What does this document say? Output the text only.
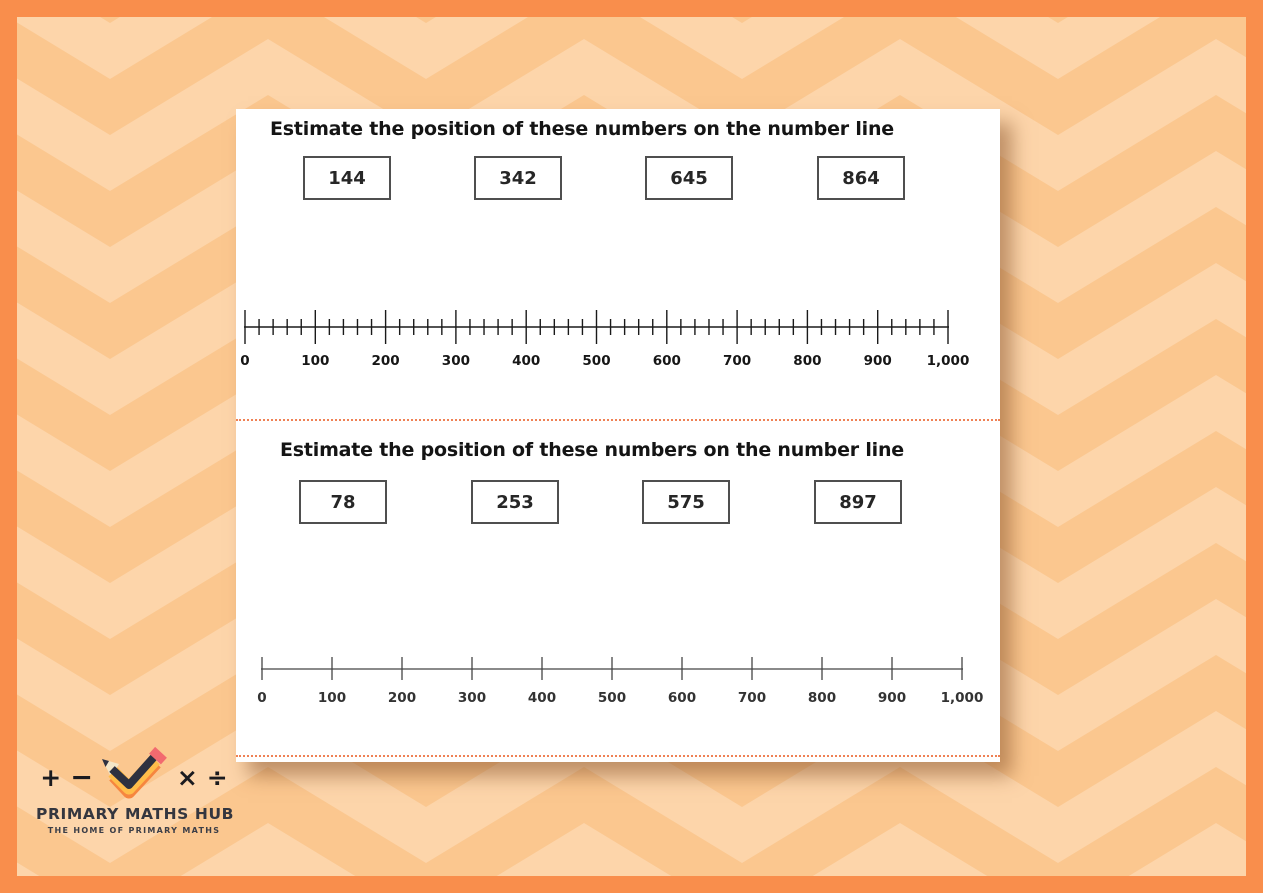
Estimate the position of these numbers on the number line
144	342	645	864
0	100	200	300	400	500	600	700	800	900	1,000
Estimate the position of these numbers on the number line
78	253	575	897
0	100	200	300	400	500	600	700	800	900	1,000
+ −	× ÷
PRIMARY MATHS HUB
THE HOME OF PRIMARY MATHS
